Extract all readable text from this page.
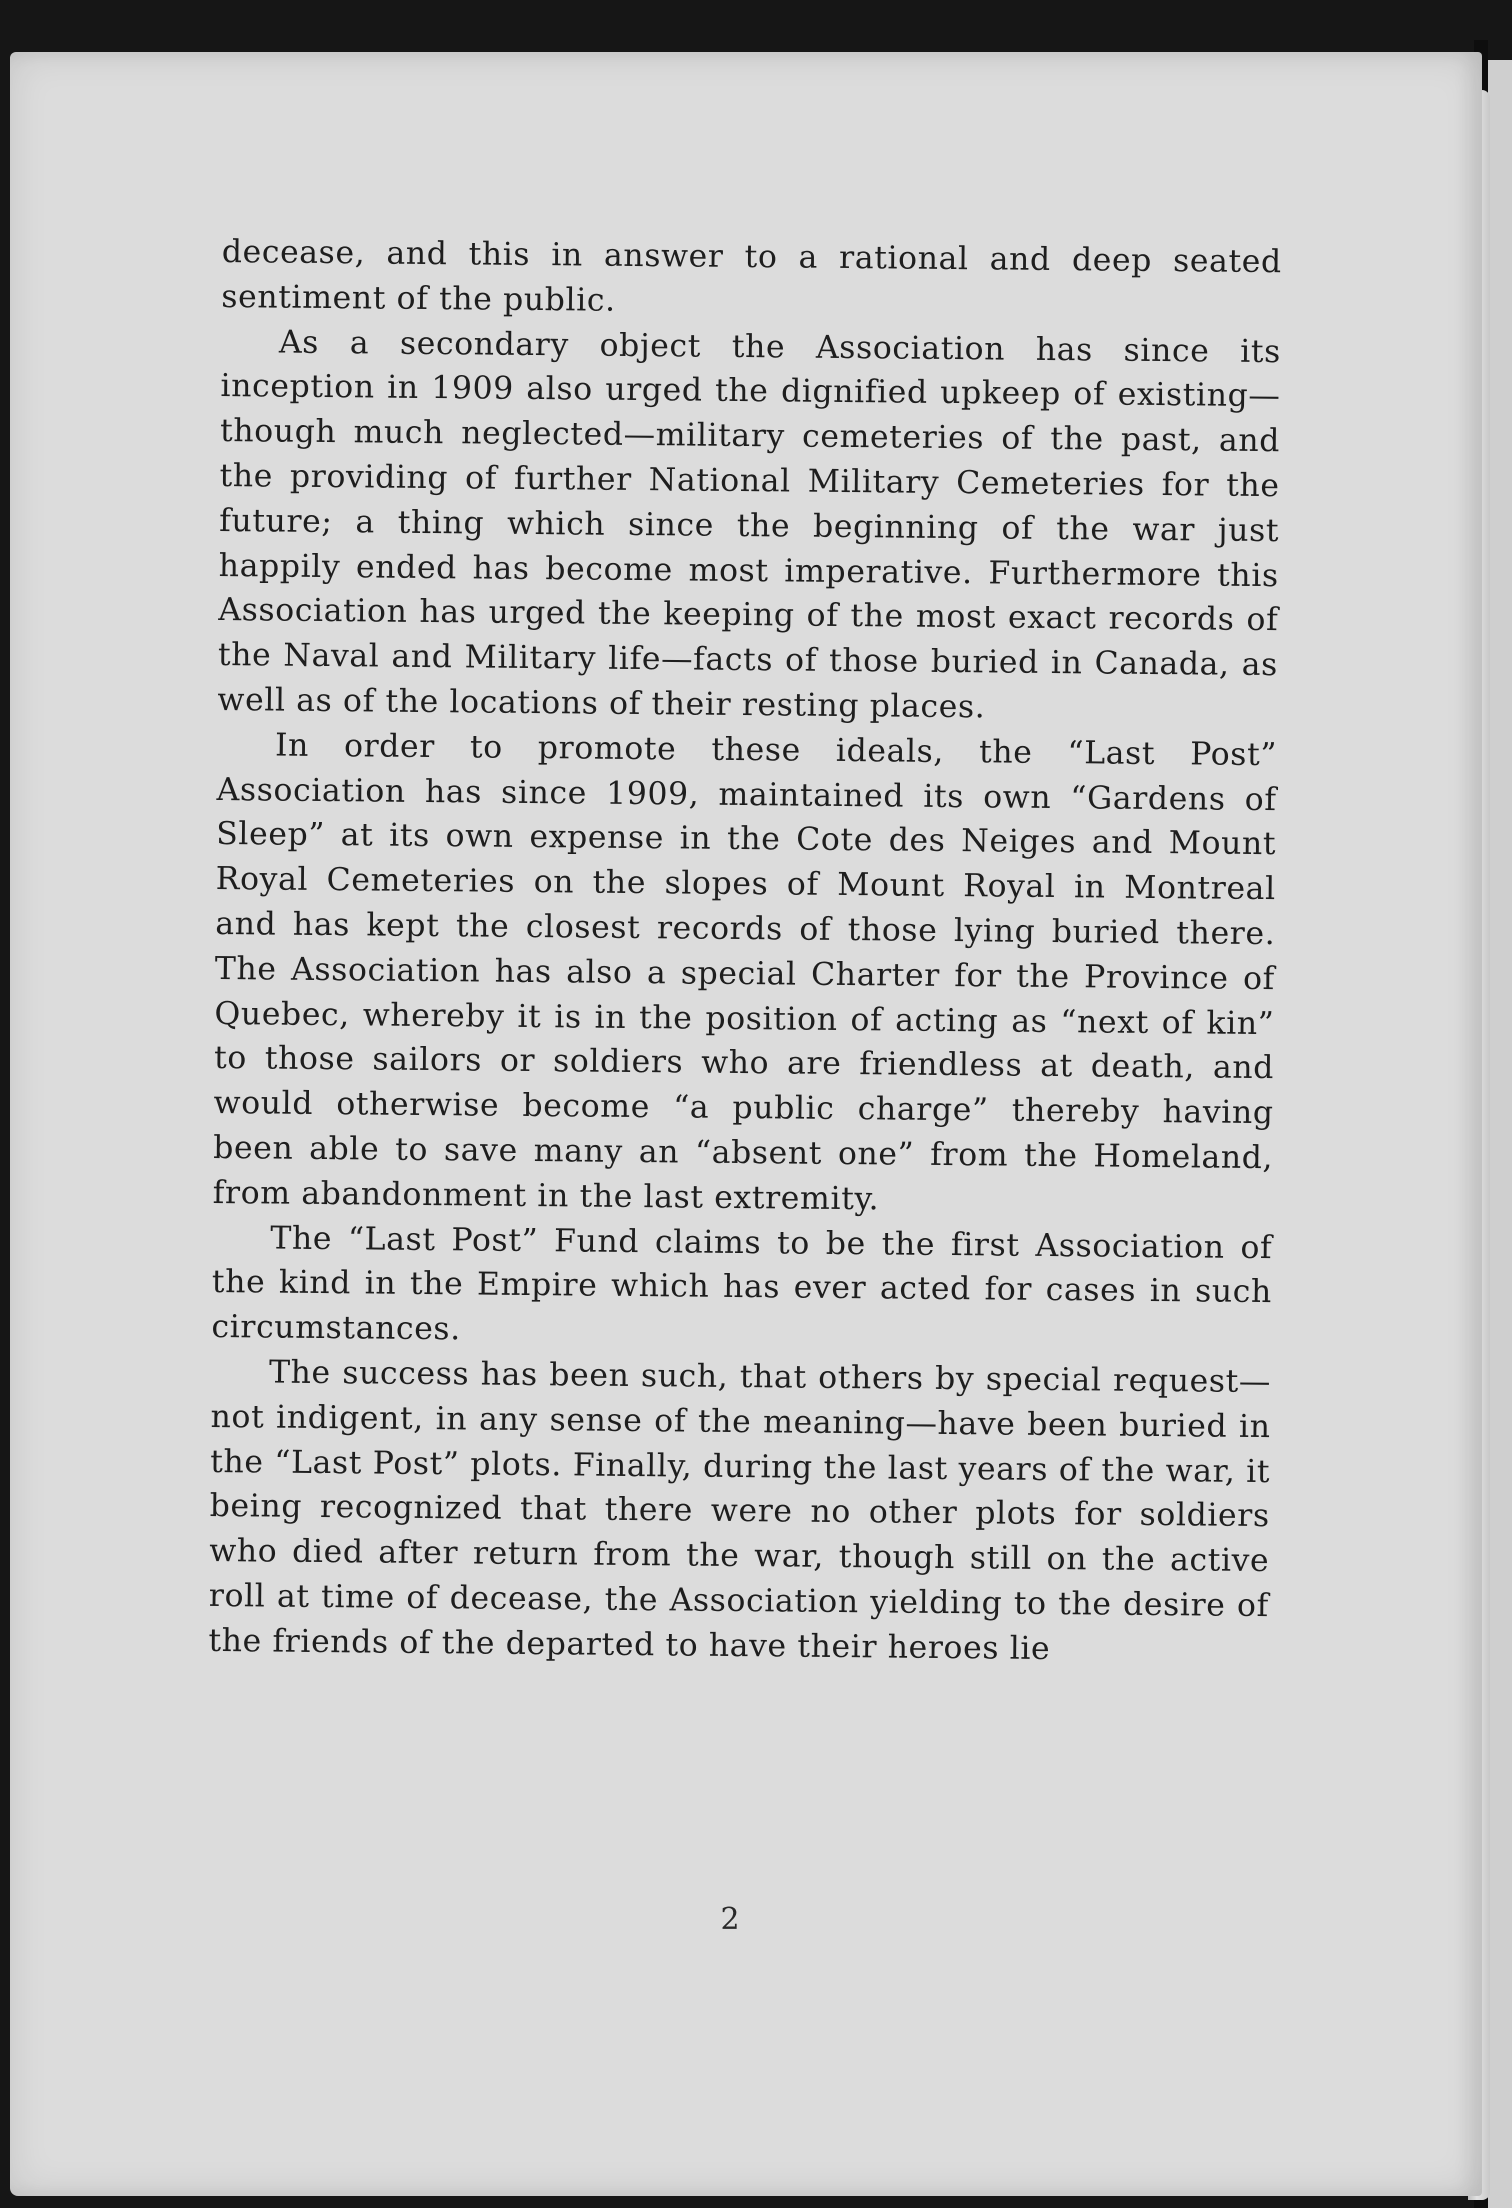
decease, and this in answer to a rational and deep seated sentiment of the public.

As a secondary object the Association has since its inception in 1909 also urged the dignified upkeep of existing—though much neglected—military cemeteries of the past, and the providing of further National Military Cemeteries for the future; a thing which since the beginning of the war just happily ended has become most imperative. Furthermore this Association has urged the keeping of the most exact records of the Naval and Military life—facts of those buried in Canada, as well as of the locations of their resting places.

In order to promote these ideals, the “Last Post” Association has since 1909, maintained its own “Gardens of Sleep” at its own expense in the Cote des Neiges and Mount Royal Cemeteries on the slopes of Mount Royal in Montreal and has kept the closest records of those lying buried there. The Association has also a special Charter for the Province of Quebec, whereby it is in the position of acting as “next of kin” to those sailors or soldiers who are friendless at death, and would otherwise become “a public charge” thereby having been able to save many an “absent one” from the Homeland, from abandonment in the last extremity.

The “Last Post” Fund claims to be the first Association of the kind in the Empire which has ever acted for cases in such circumstances.

The success has been such, that others by special request—not indigent, in any sense of the meaning—have been buried in the “Last Post” plots. Finally, during the last years of the war, it being recognized that there were no other plots for soldiers who died after return from the war, though still on the active roll at time of decease, the Association yielding to the desire of the friends of the departed to have their heroes lie

2
